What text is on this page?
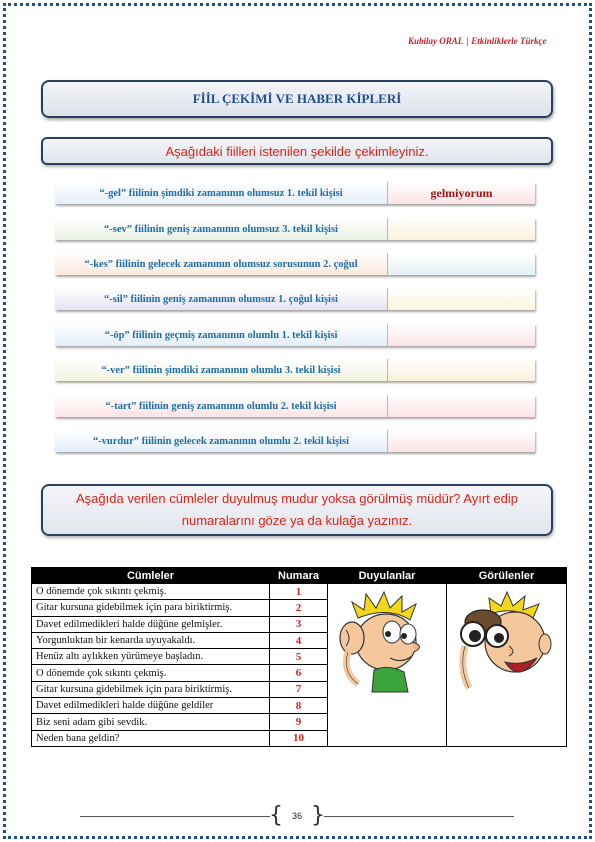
Kubilay ORAL | Etkinliklerle Türkçe
FİİL ÇEKİMİ VE HABER KİPLERİ
Aşağıdaki fiilleri istenilen şekilde çekimleyiniz.
“-gel” fiilinin şimdiki zamanının olumsuz 1. tekil kişisi	gelmiyorum
“-sev” fiilinin geniş zamanının olumsuz 3. tekil kişisi
“-kes” fiilinin gelecek zamanının olumsuz sorusunun 2. çoğul
“-sil” fiilinin geniş zamanının olumsuz 1. çoğul kişisi
“-öp” fiilinin geçmiş zamanının olumlu 1. tekil kişisi
“-ver” fiilinin şimdiki zamanının olumlu 3. tekil kişisi
“-tart” fiilinin geniş zamanının olumlu 2. tekil kişisi
“-vurdur” fiilinin gelecek zamanının olumlu 2. tekil kişisi
Aşağıda verilen cümleler duyulmuş mudur yoksa görülmüş müdür? Ayırt edip numaralarını göze ya da kulağa yazınız.
Cümleler	Numara	Duyulanlar	Görülenler
O dönemde çok sıkıntı çekmiş.	1	

Gitar kursuna gidebilmek için para biriktirmiş.	2		
Davet edilmedikleri halde düğüne gelmişler.	3		
Yorgunluktan bir kenarda uyuyakaldı.	4		
Henüz altı aylıkken yürümeye başladın.	5		
O dönemde çok sıkıntı çekmiş.	6		
Gitar kursuna gidebilmek için para biriktirmiş.	7		
Davet edilmedikleri halde düğüne geldiler	8		
Biz seni adam gibi sevdik.	9		
Neden bana geldin?	10		
{ 36 }
